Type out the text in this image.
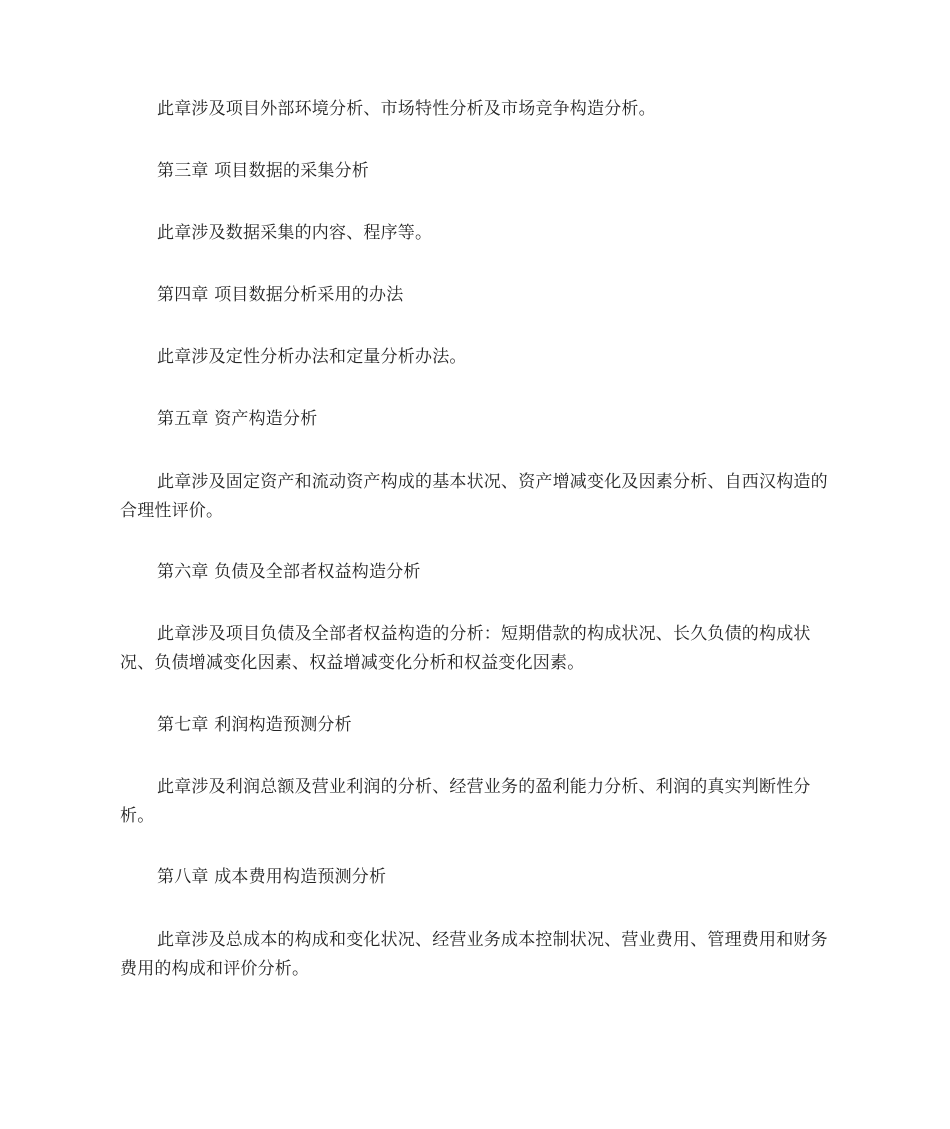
此章涉及项目外部环境分析、市场特性分析及市场竞争构造分析。

第三章 项目数据的采集分析

此章涉及数据采集的内容、程序等。

第四章 项目数据分析采用的办法

此章涉及定性分析办法和定量分析办法。

第五章 资产构造分析

此章涉及固定资产和流动资产构成的基本状况、资产增减变化及因素分析、自西汉构造的合理性评价。

第六章 负债及全部者权益构造分析

此章涉及项目负债及全部者权益构造的分析：短期借款的构成状况、长久负债的构成状况、负债增减变化因素、权益增减变化分析和权益变化因素。

第七章 利润构造预测分析

此章涉及利润总额及营业利润的分析、经营业务的盈利能力分析、利润的真实判断性分析。

第八章 成本费用构造预测分析

此章涉及总成本的构成和变化状况、经营业务成本控制状况、营业费用、管理费用和财务费用的构成和评价分析。
